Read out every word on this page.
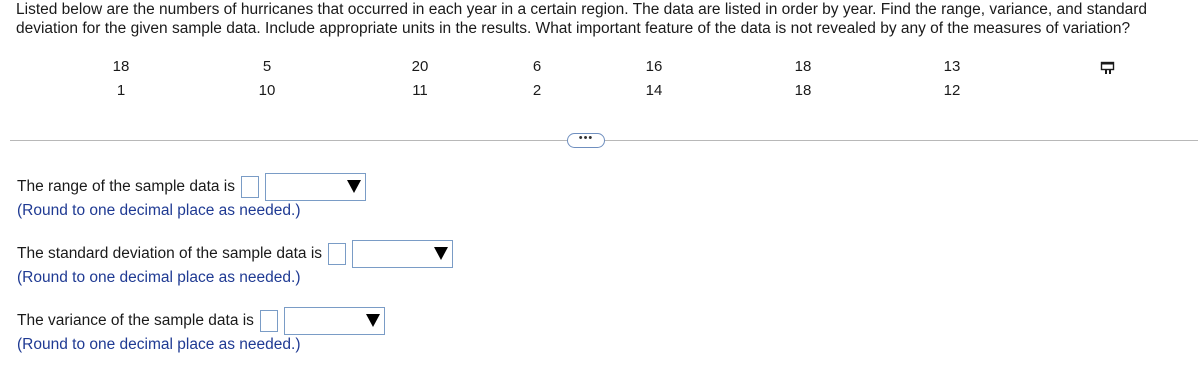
Listed below are the numbers of hurricanes that occurred in each year in a certain region. The data are listed in order by year. Find the range, variance, and standard deviation for the given sample data. Include appropriate units in the results. What important feature of the data is not revealed by any of the measures of variation?
18	5	20	6	16	18	13
1	10	11	2	14	18	12
•••
The range of the sample data is
(Round to one decimal place as needed.)
The standard deviation of the sample data is
(Round to one decimal place as needed.)
The variance of the sample data is
(Round to one decimal place as needed.)
